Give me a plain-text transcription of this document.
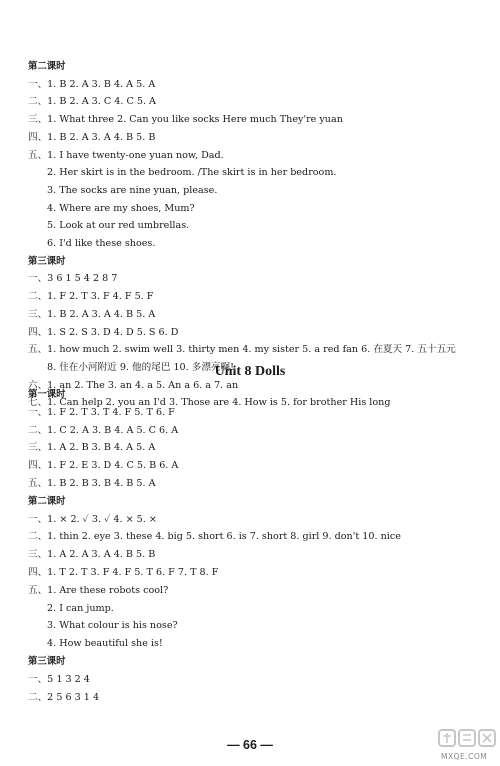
第二课时
一、1. B 2. A 3. B 4. A 5. A
二、1. B 2. A 3. C 4. C 5. A
三、1. What three 2. Can you like socks Here much They're yuan
四、1. B 2. A 3. A 4. B 5. B
五、1. I have twenty-one yuan now, Dad.
2. Her skirt is in the bedroom. /The skirt is in her bedroom.
3. The socks are nine yuan, please.
4. Where are my shoes, Mum?
5. Look at our red umbrellas.
6. I'd like these shoes.
第三课时
一、3 6 1 5 4 2 8 7
二、1. F 2. T 3. F 4. F 5. F
三、1. B 2. A 3. A 4. B 5. A
四、1. S 2. S 3. D 4. D 5. S 6. D
五、1. how much 2. swim well 3. thirty men 4. my sister 5. a red fan 6. 在夏天 7. 五十五元
8. 住在小河附近 9. 他的尾巴 10. 多漂亮啊!
六、1. an 2. The 3. an 4. a 5. An a 6. a 7. an
七、1. Can help 2. you an I'd 3. Those are 4. How is 5. for brother His long
Unit 8 Dolls
第一课时
一、1. F 2. T 3. T 4. F 5. T 6. F
二、1. C 2. A 3. B 4. A 5. C 6. A
三、1. A 2. B 3. B 4. A 5. A
四、1. F 2. E 3. D 4. C 5. B 6. A
五、1. B 2. B 3. B 4. B 5. A
第二课时
一、1. × 2. ✓ 3. ✓ 4. × 5. ×
二、1. thin 2. eye 3. these 4. big 5. short 6. is 7. short 8. girl 9. don't 10. nice
三、1. A 2. A 3. A 4. B 5. B
四、1. T 2. T 3. F 4. F 5. T 6. F 7. T 8. F
五、1. Are these robots cool?
2. I can jump.
3. What colour is his nose?
4. How beautiful she is!
第三课时
一、5 1 3 2 4
二、2 5 6 3 1 4
— 66 —
MXQE.COM
